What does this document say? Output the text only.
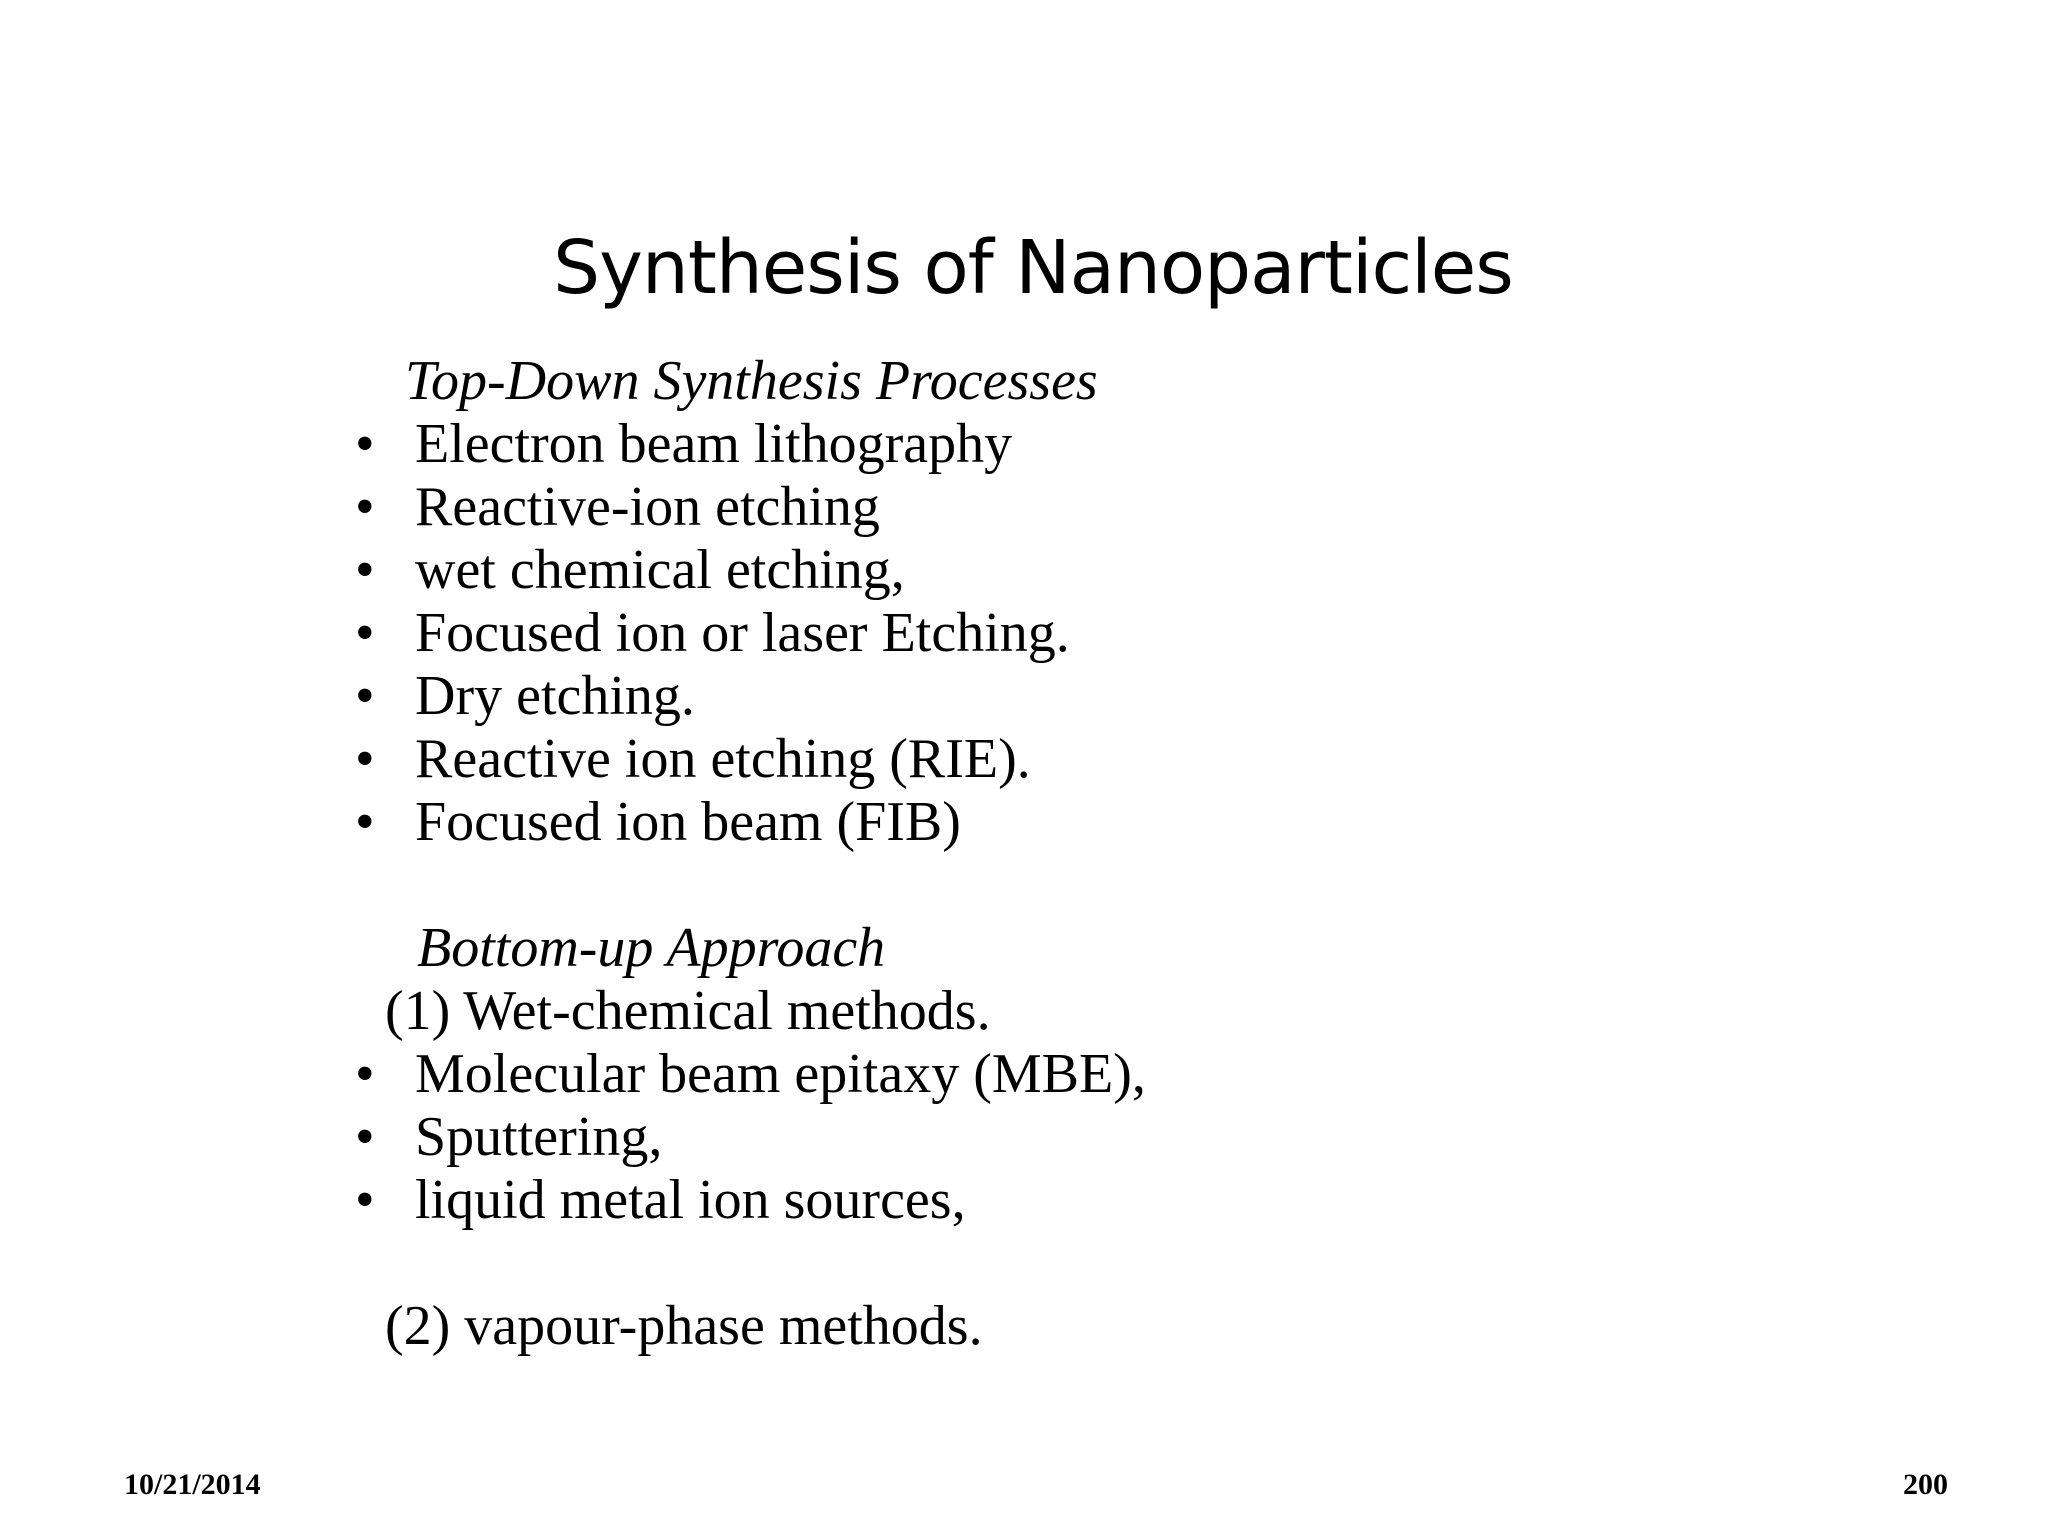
Synthesis of Nanoparticles
Top-Down Synthesis Processes
• Electron beam lithography
• Reactive-ion etching
• wet chemical etching,
• Focused ion or laser Etching.
• Dry etching.
• Reactive ion etching (RIE).
• Focused ion beam (FIB)
Bottom-up Approach
(1) Wet-chemical methods.
• Molecular beam epitaxy (MBE),
• Sputtering,
• liquid metal ion sources,
(2) vapour-phase methods.
10/21/2014	200
